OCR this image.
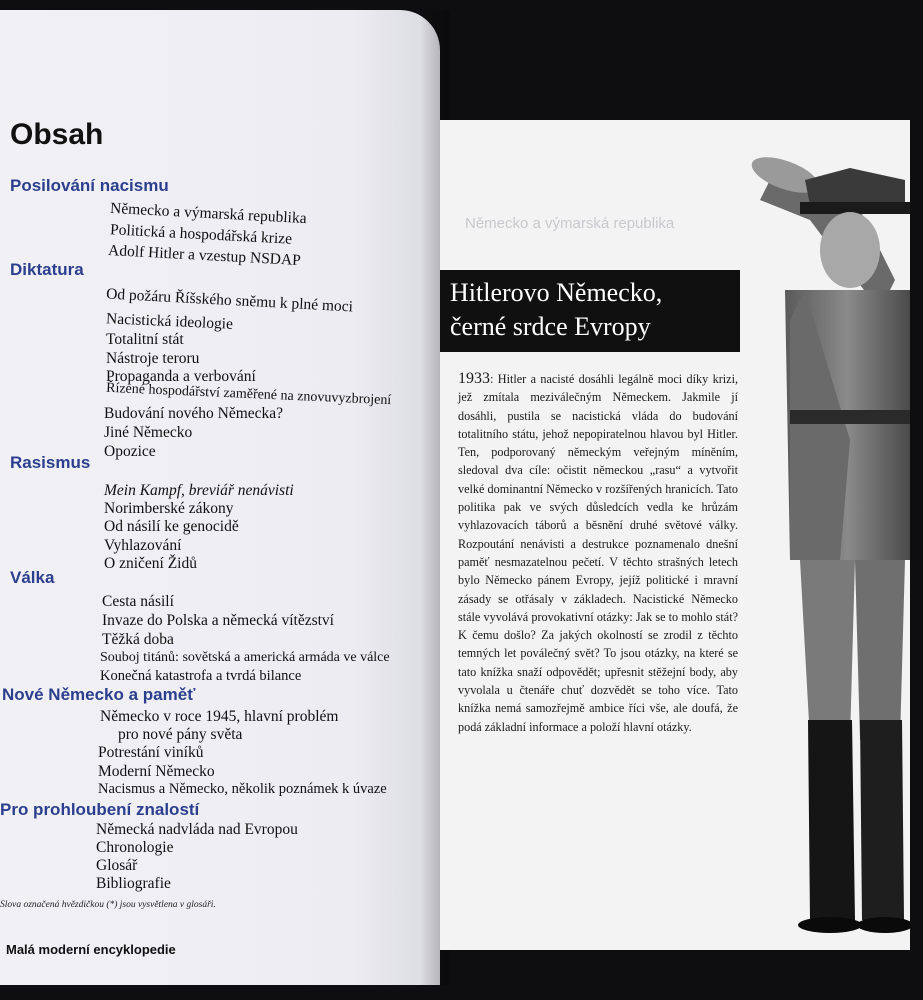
Obsah
Posilování nacismu
Německo a výmarská republika
Politická a hospodářská krize
Adolf Hitler a vzestup NSDAP
Diktatura
Od požáru Říšského sněmu k plné moci
Nacistická ideologie
Totalitní stát
Nástroje teroru
Propaganda a verbování
Řízené hospodářství zaměřené na znovuvyzbrojení
Budování nového Německa?
Jiné Německo
Opozice
Rasismus
Mein Kampf, breviář nenávisti
Norimberské zákony
Od násilí ke genocidě
Vyhlazování
O zničení Židů
Válka
Cesta násilí
Invaze do Polska a německá vítězství
Těžká doba
Souboj titánů: sovětská a americká armáda ve válce
Konečná katastrofa a tvrdá bilance
Nové Německo a paměť
Německo v roce 1945, hlavní problém
pro nové pány světa
Potrestání viníků
Moderní Německo
Nacismus a Německo, několik poznámek k úvaze
Pro prohloubení znalostí
Německá nadvláda nad Evropou
Chronologie
Glosář
Bibliografie
Slova označená hvězdičkou (*) jsou vysvětlena v glosáři.
Malá moderní encyklopedie
Německo a výmarská republika
Hitlerovo Německo,
černé srdce Evropy
1933: Hitler a nacisté dosáhli legálně moci díky krizi, jež zmítala meziválečným Německem. Jakmile jí dosáhli, pustila se nacistická vláda do budování totalitního státu, jehož nepopiratelnou hlavou byl Hitler. Ten, podporovaný německým veřejným míněním, sledoval dva cíle: očistit německou „rasu“ a vytvořit velké dominantní Německo v rozšířených hranicích. Tato politika pak ve svých důsledcích vedla ke hrůzám vyhlazovacích táborů a běsnění druhé světové války. Rozpoutání nenávisti a destrukce poznamenalo dnešní paměť nesmazatelnou pečetí. V těchto strašných letech bylo Německo pánem Evropy, jejíž politické i mravní zásady se otřásaly v základech. Nacistické Německo stále vyvolává provokativní otázky: Jak se to mohlo stát? K čemu došlo? Za jakých okolností se zrodil z těchto temných let poválečný svět? To jsou otázky, na které se tato knížka snaží odpovědět; upřesnit stěžejní body, aby vyvolala u čtenáře chuť dozvědět se toho více. Tato knížka nemá samozřejmě ambice říci vše, ale doufá, že podá základní informace a položí hlavní otázky.
